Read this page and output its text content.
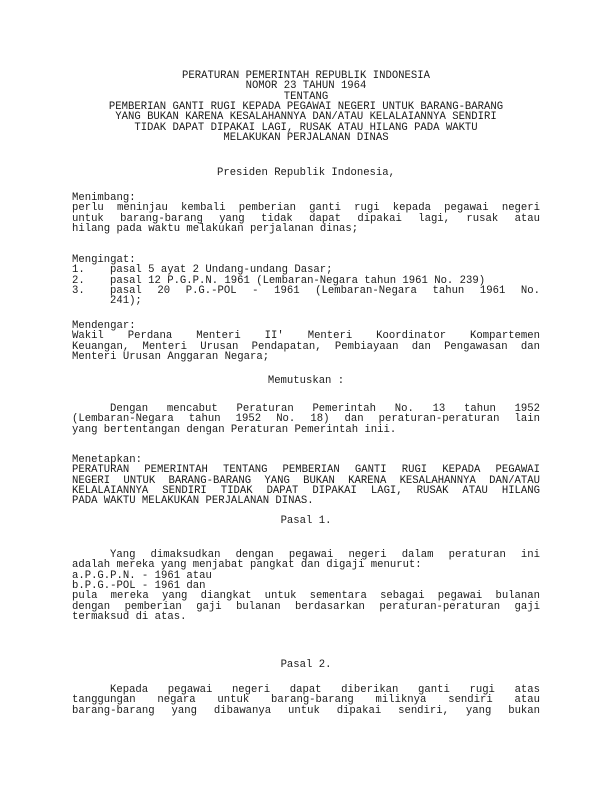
PERATURAN PEMERINTAH REPUBLIK INDONESIA
NOMOR 23 TAHUN 1964
TENTANG
PEMBERIAN GANTI RUGI KEPADA PEGAWAI NEGERI UNTUK BARANG-BARANG
YANG BUKAN KARENA KESALAHANNYA DAN/ATAU KELALAIANNYA SENDIRI
TIDAK DAPAT DIPAKAI LAGI, RUSAK ATAU HILANG PADA WAKTU
MELAKUKAN PERJALANAN DINAS
Presiden Republik Indonesia,
Menimbang:
perlu meninjau kembali pemberian ganti rugi kepada pegawai negeri
untuk barang-barang yang tidak dapat dipakai lagi, rusak atau
hilang pada waktu melakukan perjalanan dinas;
Mengingat:
1. pasal 5 ayat 2 Undang-undang Dasar;
2. pasal 12 P.G.P.N. 1961 (Lembaran-Negara tahun 1961 No. 239)
3.	pasal 20 P.G.-POL - 1961 (Lembaran-Negara tahun 1961 No.
241);
Mendengar:
Wakil Perdana Menteri II' Menteri Koordinator Kompartemen
Keuangan, Menteri Urusan Pendapatan, Pembiayaan dan Pengawasan dan
Menteri Urusan Anggaran Negara;
Memutuskan :
Dengan mencabut Peraturan Pemerintah No. 13 tahun 1952
(Lembaran-Negara tahun 1952 No. 18) dan peraturan-peraturan lain
yang bertentangan dengan Peraturan Pemerintah inii.
Menetapkan:
PERATURAN PEMERINTAH TENTANG PEMBERIAN GANTI RUGI KEPADA PEGAWAI
NEGERI UNTUK BARANG-BARANG YANG BUKAN KARENA KESALAHANNYA DAN/ATAU
KELALAIANNYA SENDIRI TIDAK DAPAT DIPAKAI LAGI, RUSAK ATAU HILANG
PADA WAKTU MELAKUKAN PERJALANAN DINAS.
Pasal 1.
Yang dimaksudkan dengan pegawai negeri dalam peraturan ini
adalah mereka yang menjabat pangkat dan digaji menurut:
a.P.G.P.N. - 1961 atau
b.P.G.-POL - 1961 dan
pula mereka yang diangkat untuk sementara sebagai pegawai bulanan
dengan pemberian gaji bulanan berdasarkan peraturan-peraturan gaji
termaksud di atas.
Pasal 2.
Kepada pegawai negeri dapat diberikan ganti rugi atas
tanggungan negara untuk barang-barang miliknya sendiri atau
barang-barang yang dibawanya untuk dipakai sendiri, yang bukan
